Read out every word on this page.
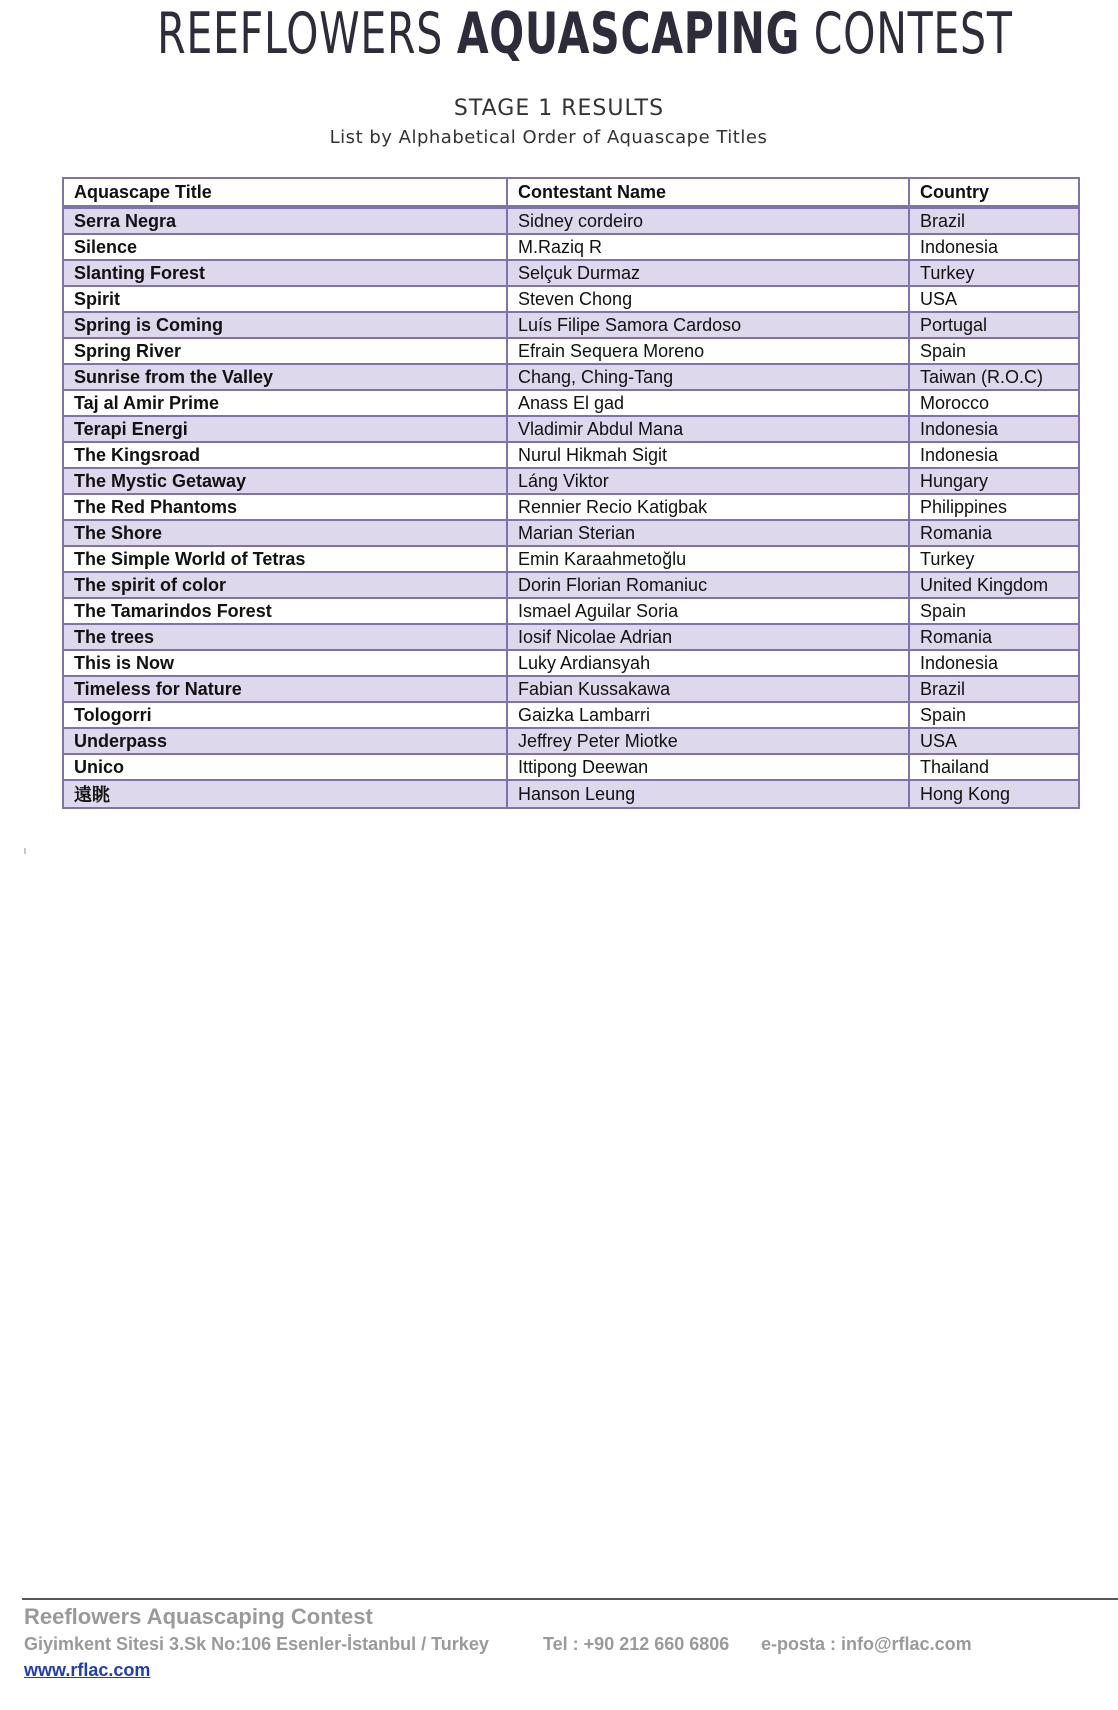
REEFLOWERS AQUASCAPING CONTEST
STAGE 1 RESULTS
List by Alphabetical Order of Aquascape Titles
Aquascape Title	Contestant Name	Country
Serra Negra	Sidney cordeiro	Brazil
Silence	M.Raziq R	Indonesia
Slanting Forest	Selçuk Durmaz	Turkey
Spirit	Steven Chong	USA
Spring is Coming	Luís Filipe Samora Cardoso	Portugal
Spring River	Efrain Sequera Moreno	Spain
Sunrise from the Valley	Chang, Ching-Tang	Taiwan (R.O.C)
Taj al Amir Prime	Anass El gad	Morocco
Terapi Energi	Vladimir Abdul Mana	Indonesia
The Kingsroad	Nurul Hikmah Sigit	Indonesia
The Mystic Getaway	Láng Viktor	Hungary
The Red Phantoms	Rennier Recio Katigbak	Philippines
The Shore	Marian Sterian	Romania
The Simple World of Tetras	Emin Karaahmetoğlu	Turkey
The spirit of color	Dorin Florian Romaniuc	United Kingdom
The Tamarindos Forest	Ismael Aguilar Soria	Spain
The trees	Iosif Nicolae Adrian	Romania
This is Now	Luky Ardiansyah	Indonesia
Timeless for Nature	Fabian Kussakawa	Brazil
Tologorri	Gaizka Lambarri	Spain
Underpass	Jeffrey Peter Miotke	USA
Unico	Ittipong Deewan	Thailand
遠眺	Hanson Leung	Hong Kong
Reeflowers Aquascaping Contest
Giyimkent Sitesi 3.Sk No:106 Esenler-İstanbul / Turkey	Tel : +90 212 660 6806 e-posta : info@rflac.com
www.rflac.com
